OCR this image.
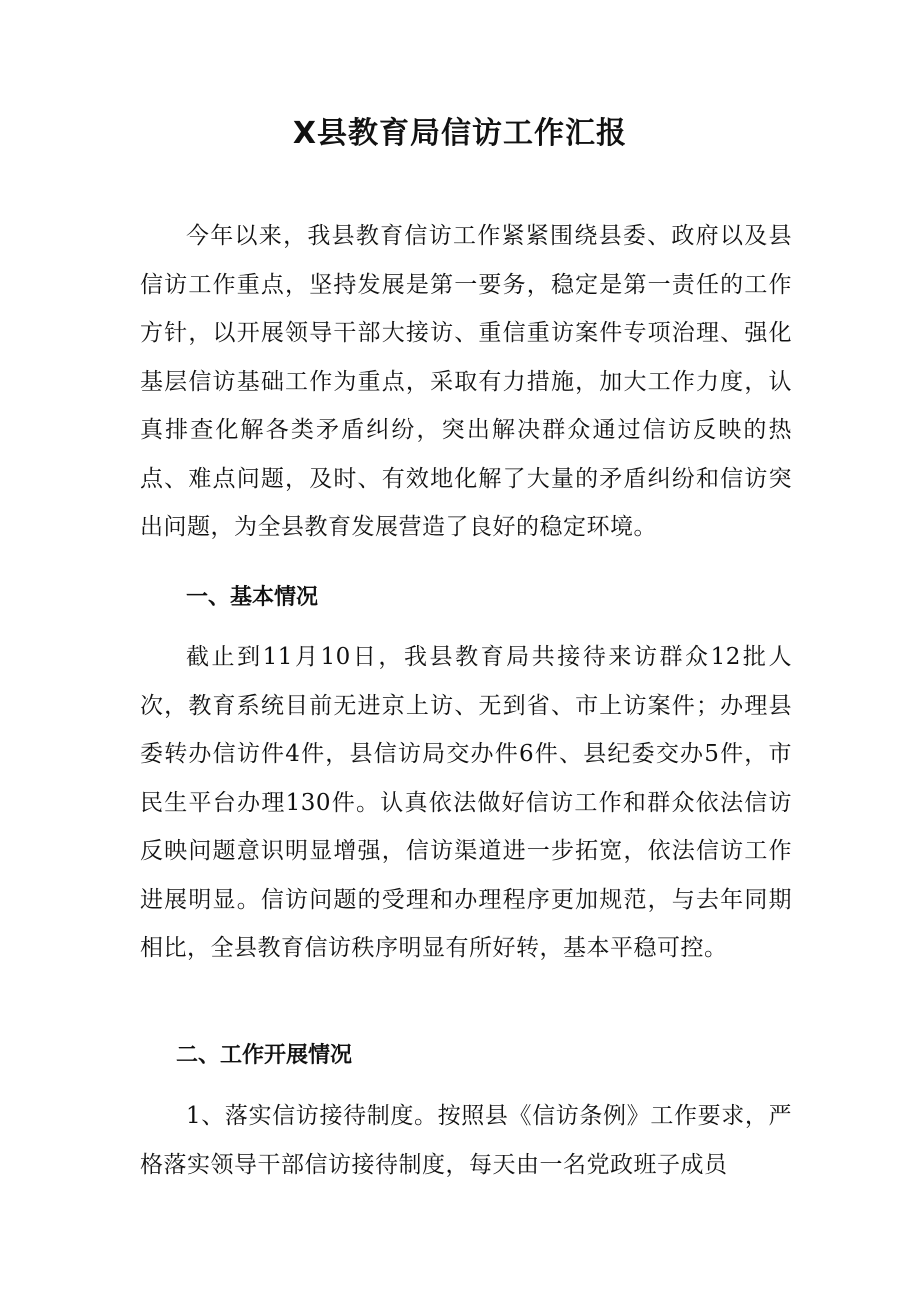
X县教育局信访工作汇报

今年以来，我县教育信访工作紧紧围绕县委、政府以及县信访工作重点，坚持发展是第一要务，稳定是第一责任的工作方针，以开展领导干部大接访、重信重访案件专项治理、强化基层信访基础工作为重点，采取有力措施，加大工作力度，认真排查化解各类矛盾纠纷，突出解决群众通过信访反映的热点、难点问题，及时、有效地化解了大量的矛盾纠纷和信访突出问题，为全县教育发展营造了良好的稳定环境。

一、基本情况

截止到11月10日，我县教育局共接待来访群众12批人次，教育系统目前无进京上访、无到省、市上访案件；办理县委转办信访件4件，县信访局交办件6件、县纪委交办5件，市民生平台办理130件。认真依法做好信访工作和群众依法信访反映问题意识明显增强，信访渠道进一步拓宽，依法信访工作进展明显。信访问题的受理和办理程序更加规范，与去年同期相比，全县教育信访秩序明显有所好转，基本平稳可控。

二、工作开展情况

1、落实信访接待制度。按照县《信访条例》工作要求，严格落实领导干部信访接待制度，每天由一名党政班子成员
